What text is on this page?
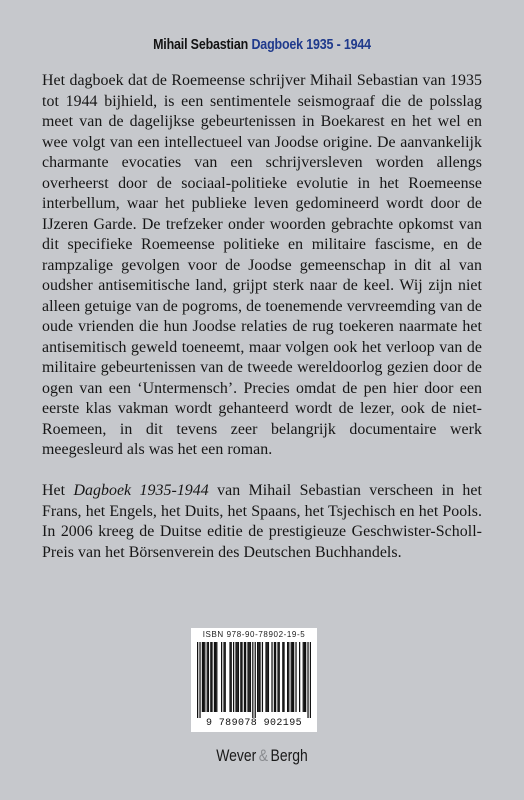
Mihail Sebastian Dagboek 1935 - 1944

Het dagboek dat de Roemeense schrijver Mihail Sebastian van 1935 tot 1944 bijhield, is een sentimentele seismograaf die de polsslag meet van de dagelijkse gebeurtenissen in Boekarest en het wel en wee volgt van een intellectueel van Joodse origine. De aanvankelijk charmante evocaties van een schrijversleven worden allengs overheerst door de sociaal-politieke evolutie in het Roemeense interbellum, waar het publieke leven gedomineerd wordt door de IJzeren Garde. De trefzeker onder woorden gebrachte opkomst van dit specifieke Roemeense politieke en militaire fascisme, en de rampzalige gevolgen voor de Joodse gemeenschap in dit al van oudsher antisemitische land, grijpt sterk naar de keel. Wij zijn niet alleen getuige van de pogroms, de toenemende vervreemding van de oude vrienden die hun Joodse relaties de rug toekeren naarmate het antisemitisch geweld toeneemt, maar volgen ook het verloop van de militaire gebeurtenissen van de tweede wereldoorlog gezien door de ogen van een ‘Untermensch’. Precies omdat de pen hier door een eerste klas vakman wordt gehanteerd wordt de lezer, ook de niet-Roemeen, in dit tevens zeer belangrijk documentaire werk meegesleurd als was het een roman.

Het Dagboek 1935-1944 van Mihail Sebastian verscheen in het Frans, het Engels, het Duits, het Spaans, het Tsjechisch en het Pools. In 2006 kreeg de Duitse editie de prestigieuze Geschwister-Scholl-Preis van het Börsenverein des Deutschen Buchhandels.

ISBN 978-90-78902-19-5
9 789078 902195
Wever & Bergh
